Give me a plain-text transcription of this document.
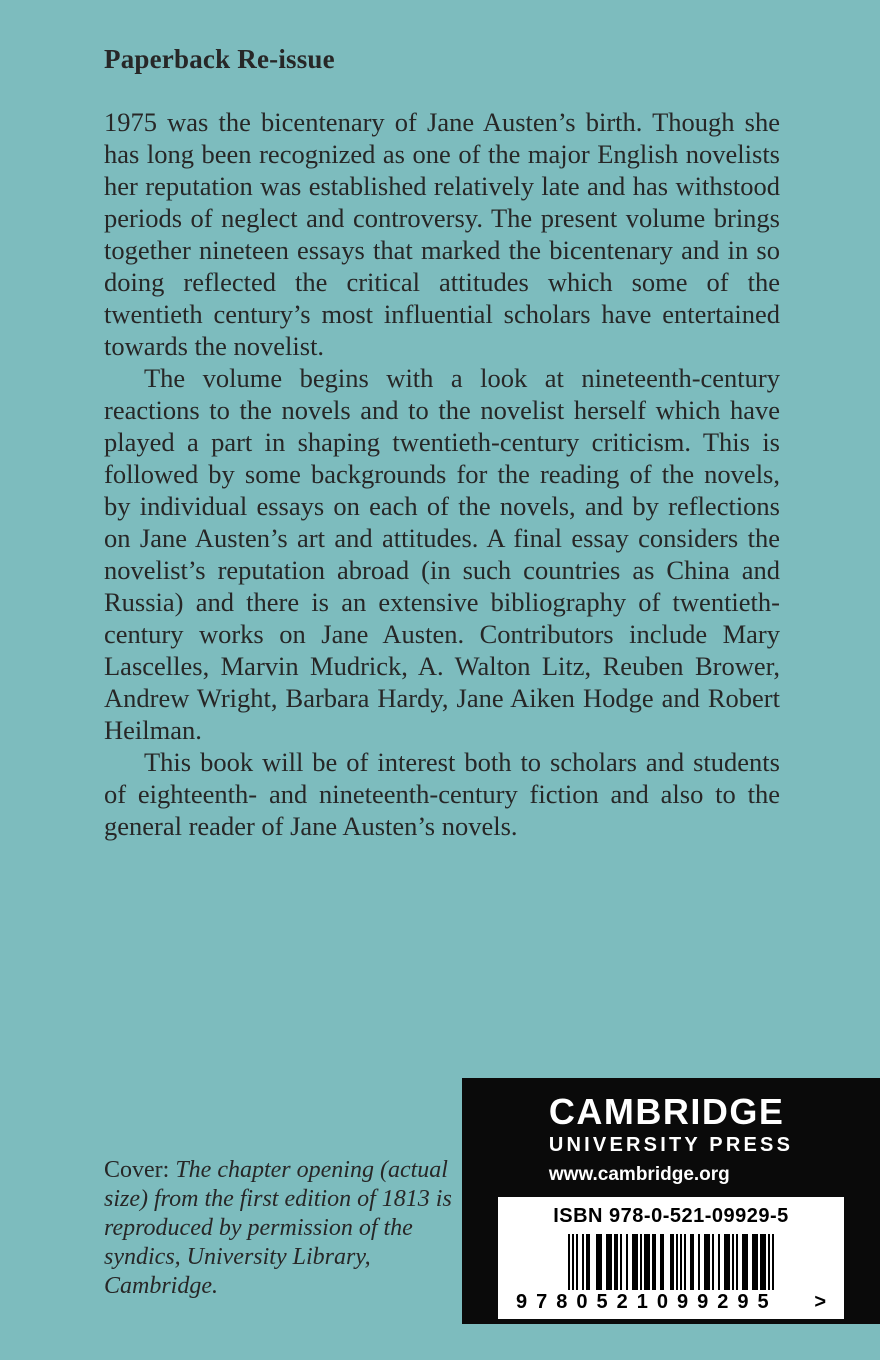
Paperback Re-issue

1975 was the bicentenary of Jane Austen’s birth. Though she has long been recognized as one of the major English novelists her reputation was established relatively late and has withstood periods of neglect and controversy. The present volume brings together nineteen essays that marked the bicentenary and in so doing reflected the critical attitudes which some of the twentieth century’s most influential scholars have entertained towards the novelist.

The volume begins with a look at nineteenth-century reactions to the novels and to the novelist herself which have played a part in shaping twentieth-century criticism. This is followed by some backgrounds for the reading of the novels, by individual essays on each of the novels, and by reflections on Jane Austen’s art and attitudes. A final essay considers the novelist’s reputation abroad (in such countries as China and Russia) and there is an extensive bibliography of twentieth-century works on Jane Austen. Contributors include Mary Lascelles, Marvin Mudrick, A. Walton Litz, Reuben Brower, Andrew Wright, Barbara Hardy, Jane Aiken Hodge and Robert Heilman.

This book will be of interest both to scholars and students of eighteenth- and nineteenth-century fiction and also to the general reader of Jane Austen’s novels.

Cover: The chapter opening (actual size) from the first edition of 1813 is reproduced by permission of the syndics, University Library, Cambridge.
CAMBRIDGE
UNIVERSITY PRESS
www.cambridge.org
ISBN 978-0-521-09929-5
9780521099295 >
